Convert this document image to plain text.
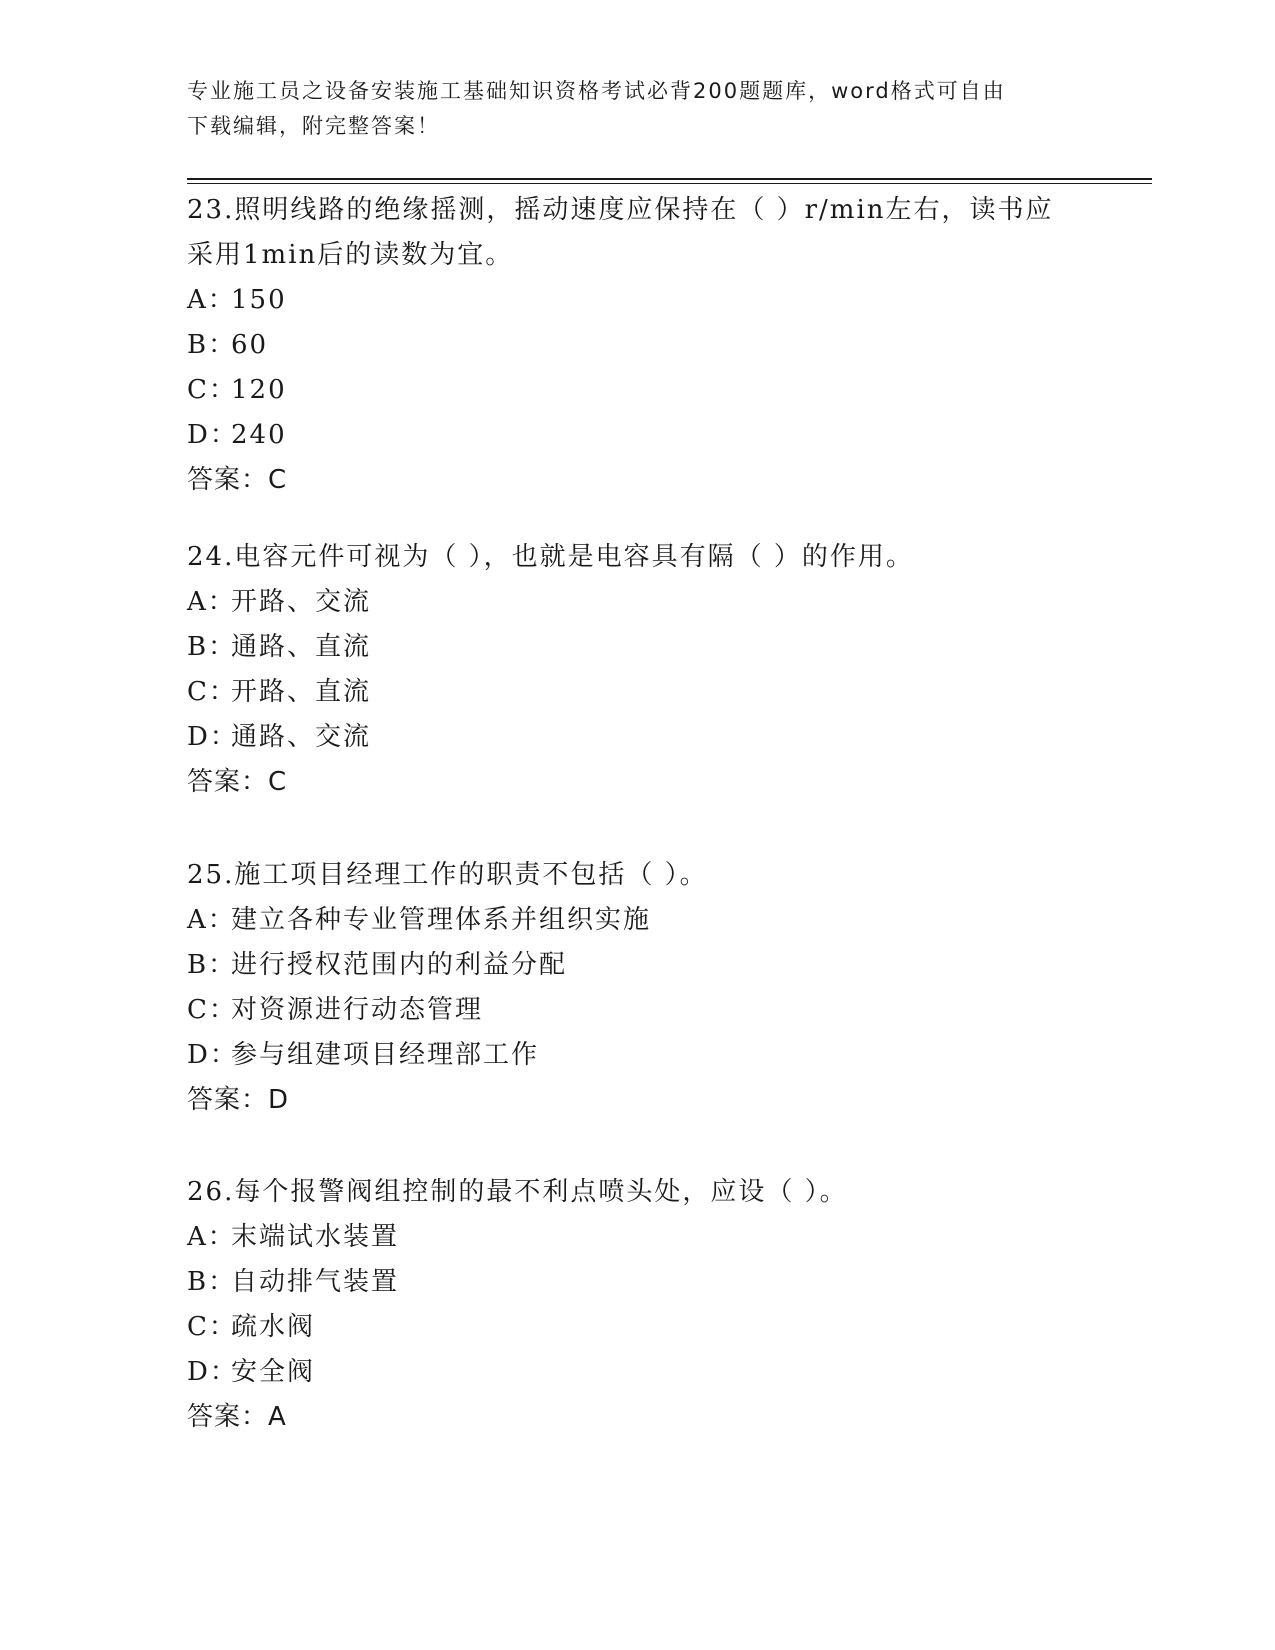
专业施工员之设备安装施工基础知识资格考试必背200题题库，word格式可自由
下载编辑，附完整答案！
23.照明线路的绝缘摇测，摇动速度应保持在（ ）r/min左右，读书应
采用1min后的读数为宜。
A：150
B：60
C：120
D：240
答案：C
24.电容元件可视为（ ），也就是电容具有隔（ ）的作用。
A：开路、交流
B：通路、直流
C：开路、直流
D：通路、交流
答案：C
25.施工项目经理工作的职责不包括（ ）。
A：建立各种专业管理体系并组织实施
B：进行授权范围内的利益分配
C：对资源进行动态管理
D：参与组建项目经理部工作
答案：D
26.每个报警阀组控制的最不利点喷头处，应设（ ）。
A：末端试水装置
B：自动排气装置
C：疏水阀
D：安全阀
答案：A
